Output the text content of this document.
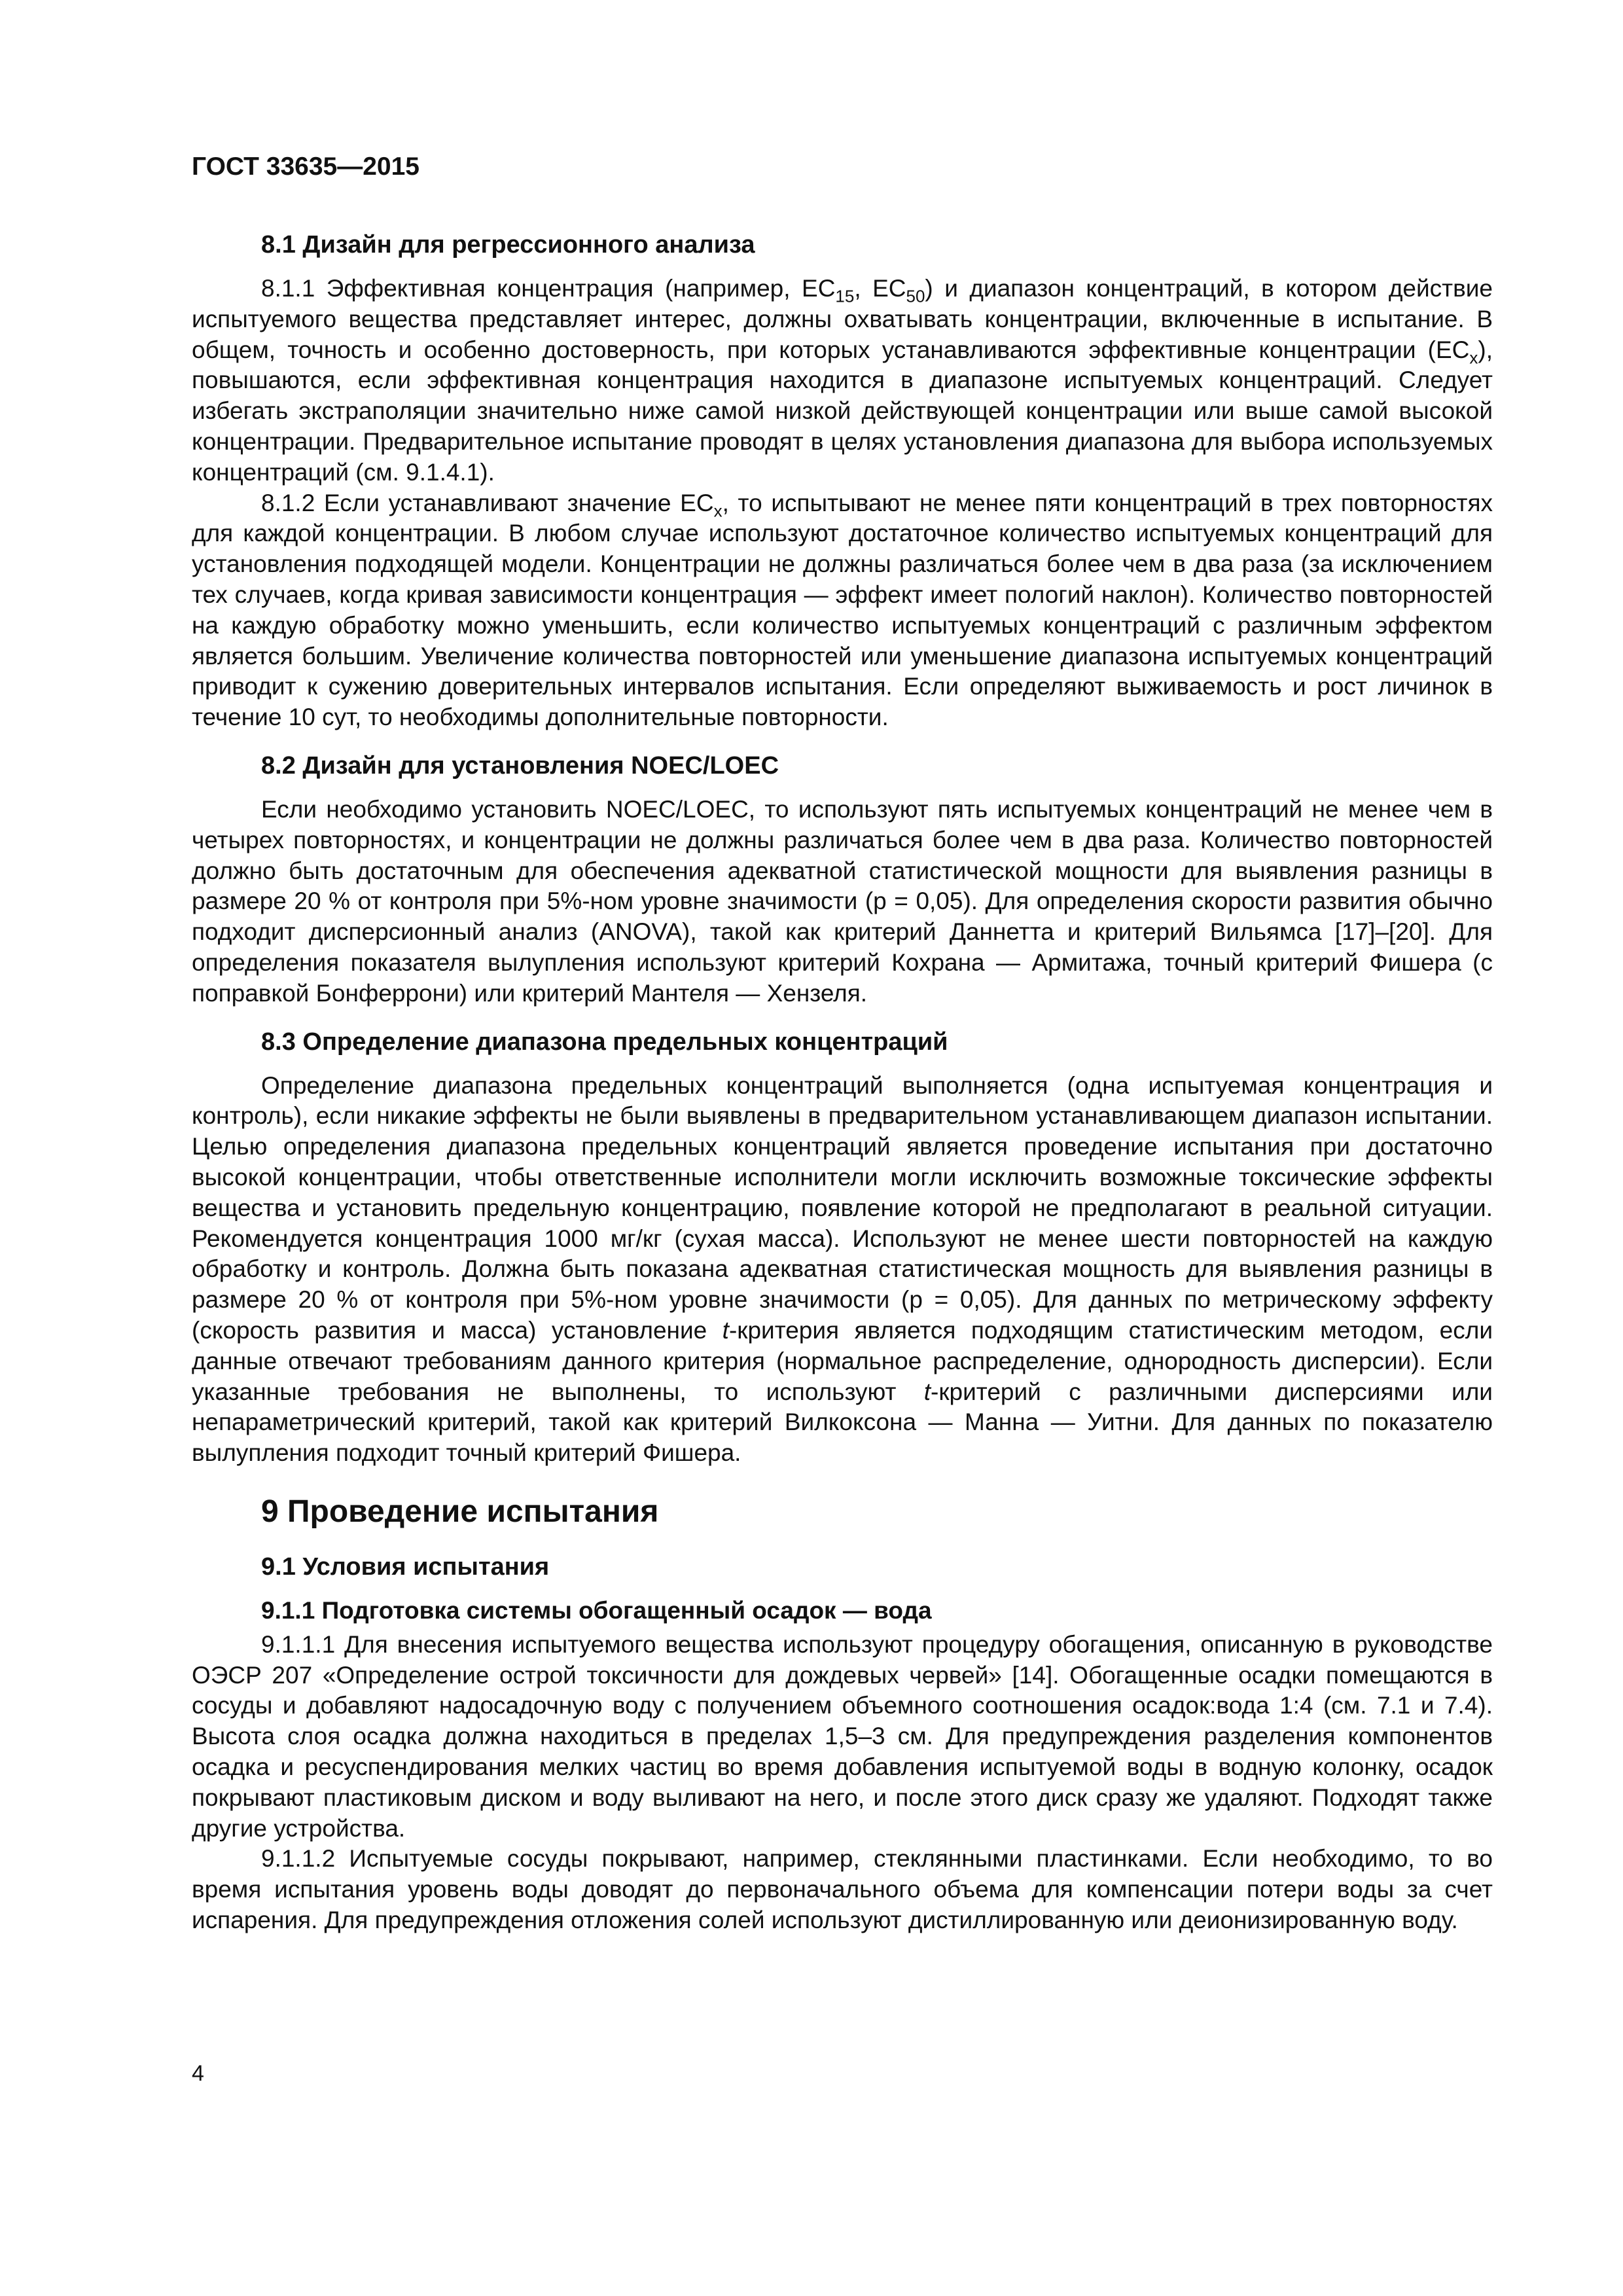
ГОСТ 33635—2015
8.1 Дизайн для регрессионного анализа

8.1.1 Эффективная концентрация (например, $EC_{15}$, $EC_{50}$) и диапазон концентраций, в котором действие испытуемого вещества представляет интерес, должны охватывать концентрации, включенные в испытание. В общем, точность и особенно достоверность, при которых устанавливаются эффективные концентрации $(EC_x)$, повышаются, если эффективная концентрация находится в диапазоне испытуемых концентраций. Следует избегать экстраполяции значительно ниже самой низкой действующей концентрации или выше самой высокой концентрации. Предварительное испытание проводят в целях установления диапазона для выбора используемых концентраций (см. 9.1.4.1).

8.1.2 Если устанавливают значение $EC_x$, то испытывают не менее пяти концентраций в трех повторностях для каждой концентрации. В любом случае используют достаточное количество испытуемых концентраций для установления подходящей модели. Концентрации не должны различаться более чем в два раза (за исключением тех случаев, когда кривая зависимости концентрация — эффект имеет пологий наклон). Количество повторностей на каждую обработку можно уменьшить, если количество испытуемых концентраций с различным эффектом является большим. Увеличение количества повторностей или уменьшение диапазона испытуемых концентраций приводит к сужению доверительных интервалов испытания. Если определяют выживаемость и рост личинок в течение 10 сут, то необходимы дополнительные повторности.

8.2 Дизайн для установления NOEC/LOEC

Если необходимо установить NOEC/LOEC, то используют пять испытуемых концентраций не менее чем в четырех повторностях, и концентрации не должны различаться более чем в два раза. Количество повторностей должно быть достаточным для обеспечения адекватной статистической мощности для выявления разницы в размере 20 % от контроля при 5%-ном уровне значимости (р = 0,05). Для определения скорости развития обычно подходит дисперсионный анализ (ANOVA), такой как критерий Даннетта и критерий Вильямса [17]–[20]. Для определения показателя вылупления используют критерий Кохрана — Армитажа, точный критерий Фишера (с поправкой Бонферрони) или критерий Мантеля — Хензеля.

8.3 Определение диапазона предельных концентраций

Определение диапазона предельных концентраций выполняется (одна испытуемая концентрация и контроль), если никакие эффекты не были выявлены в предварительном устанавливающем диапазон испытании. Целью определения диапазона предельных концентраций является проведение испытания при достаточно высокой концентрации, чтобы ответственные исполнители могли исключить возможные токсические эффекты вещества и установить предельную концентрацию, появление которой не предполагают в реальной ситуации. Рекомендуется концентрация 1000 мг/кг (сухая масса). Используют не менее шести повторностей на каждую обработку и контроль. Должна быть показана адекватная статистическая мощность для выявления разницы в размере 20 % от контроля при 5%-ном уровне значимости (р = 0,05). Для данных по метрическому эффекту (скорость развития и масса) установление t-критерия является подходящим статистическим методом, если данные отвечают требованиям данного критерия (нормальное распределение, однородность дисперсии). Если указанные требования не выполнены, то используют t-критерий с различными дисперсиями или непараметрический критерий, такой как критерий Вилкоксона — Манна — Уитни. Для данных по показателю вылупления подходит точный критерий Фишера.

9 Проведение испытания
9.1 Условия испытания
9.1.1 Подготовка системы обогащенный осадок — вода

9.1.1.1 Для внесения испытуемого вещества используют процедуру обогащения, описанную в руководстве ОЭСР 207 «Определение острой токсичности для дождевых червей» [14]. Обогащенные осадки помещаются в сосуды и добавляют надосадочную воду с получением объемного соотношения осадок:вода 1:4 (см. 7.1 и 7.4). Высота слоя осадка должна находиться в пределах 1,5–3 см. Для предупреждения разделения компонентов осадка и ресуспендирования мелких частиц во время добавления испытуемой воды в водную колонку, осадок покрывают пластиковым диском и воду выливают на него, и после этого диск сразу же удаляют. Подходят также другие устройства.

9.1.1.2 Испытуемые сосуды покрывают, например, стеклянными пластинками. Если необходимо, то во время испытания уровень воды доводят до первоначального объема для компенсации потери воды за счет испарения. Для предупреждения отложения солей используют дистиллированную или деионизированную воду.

4
